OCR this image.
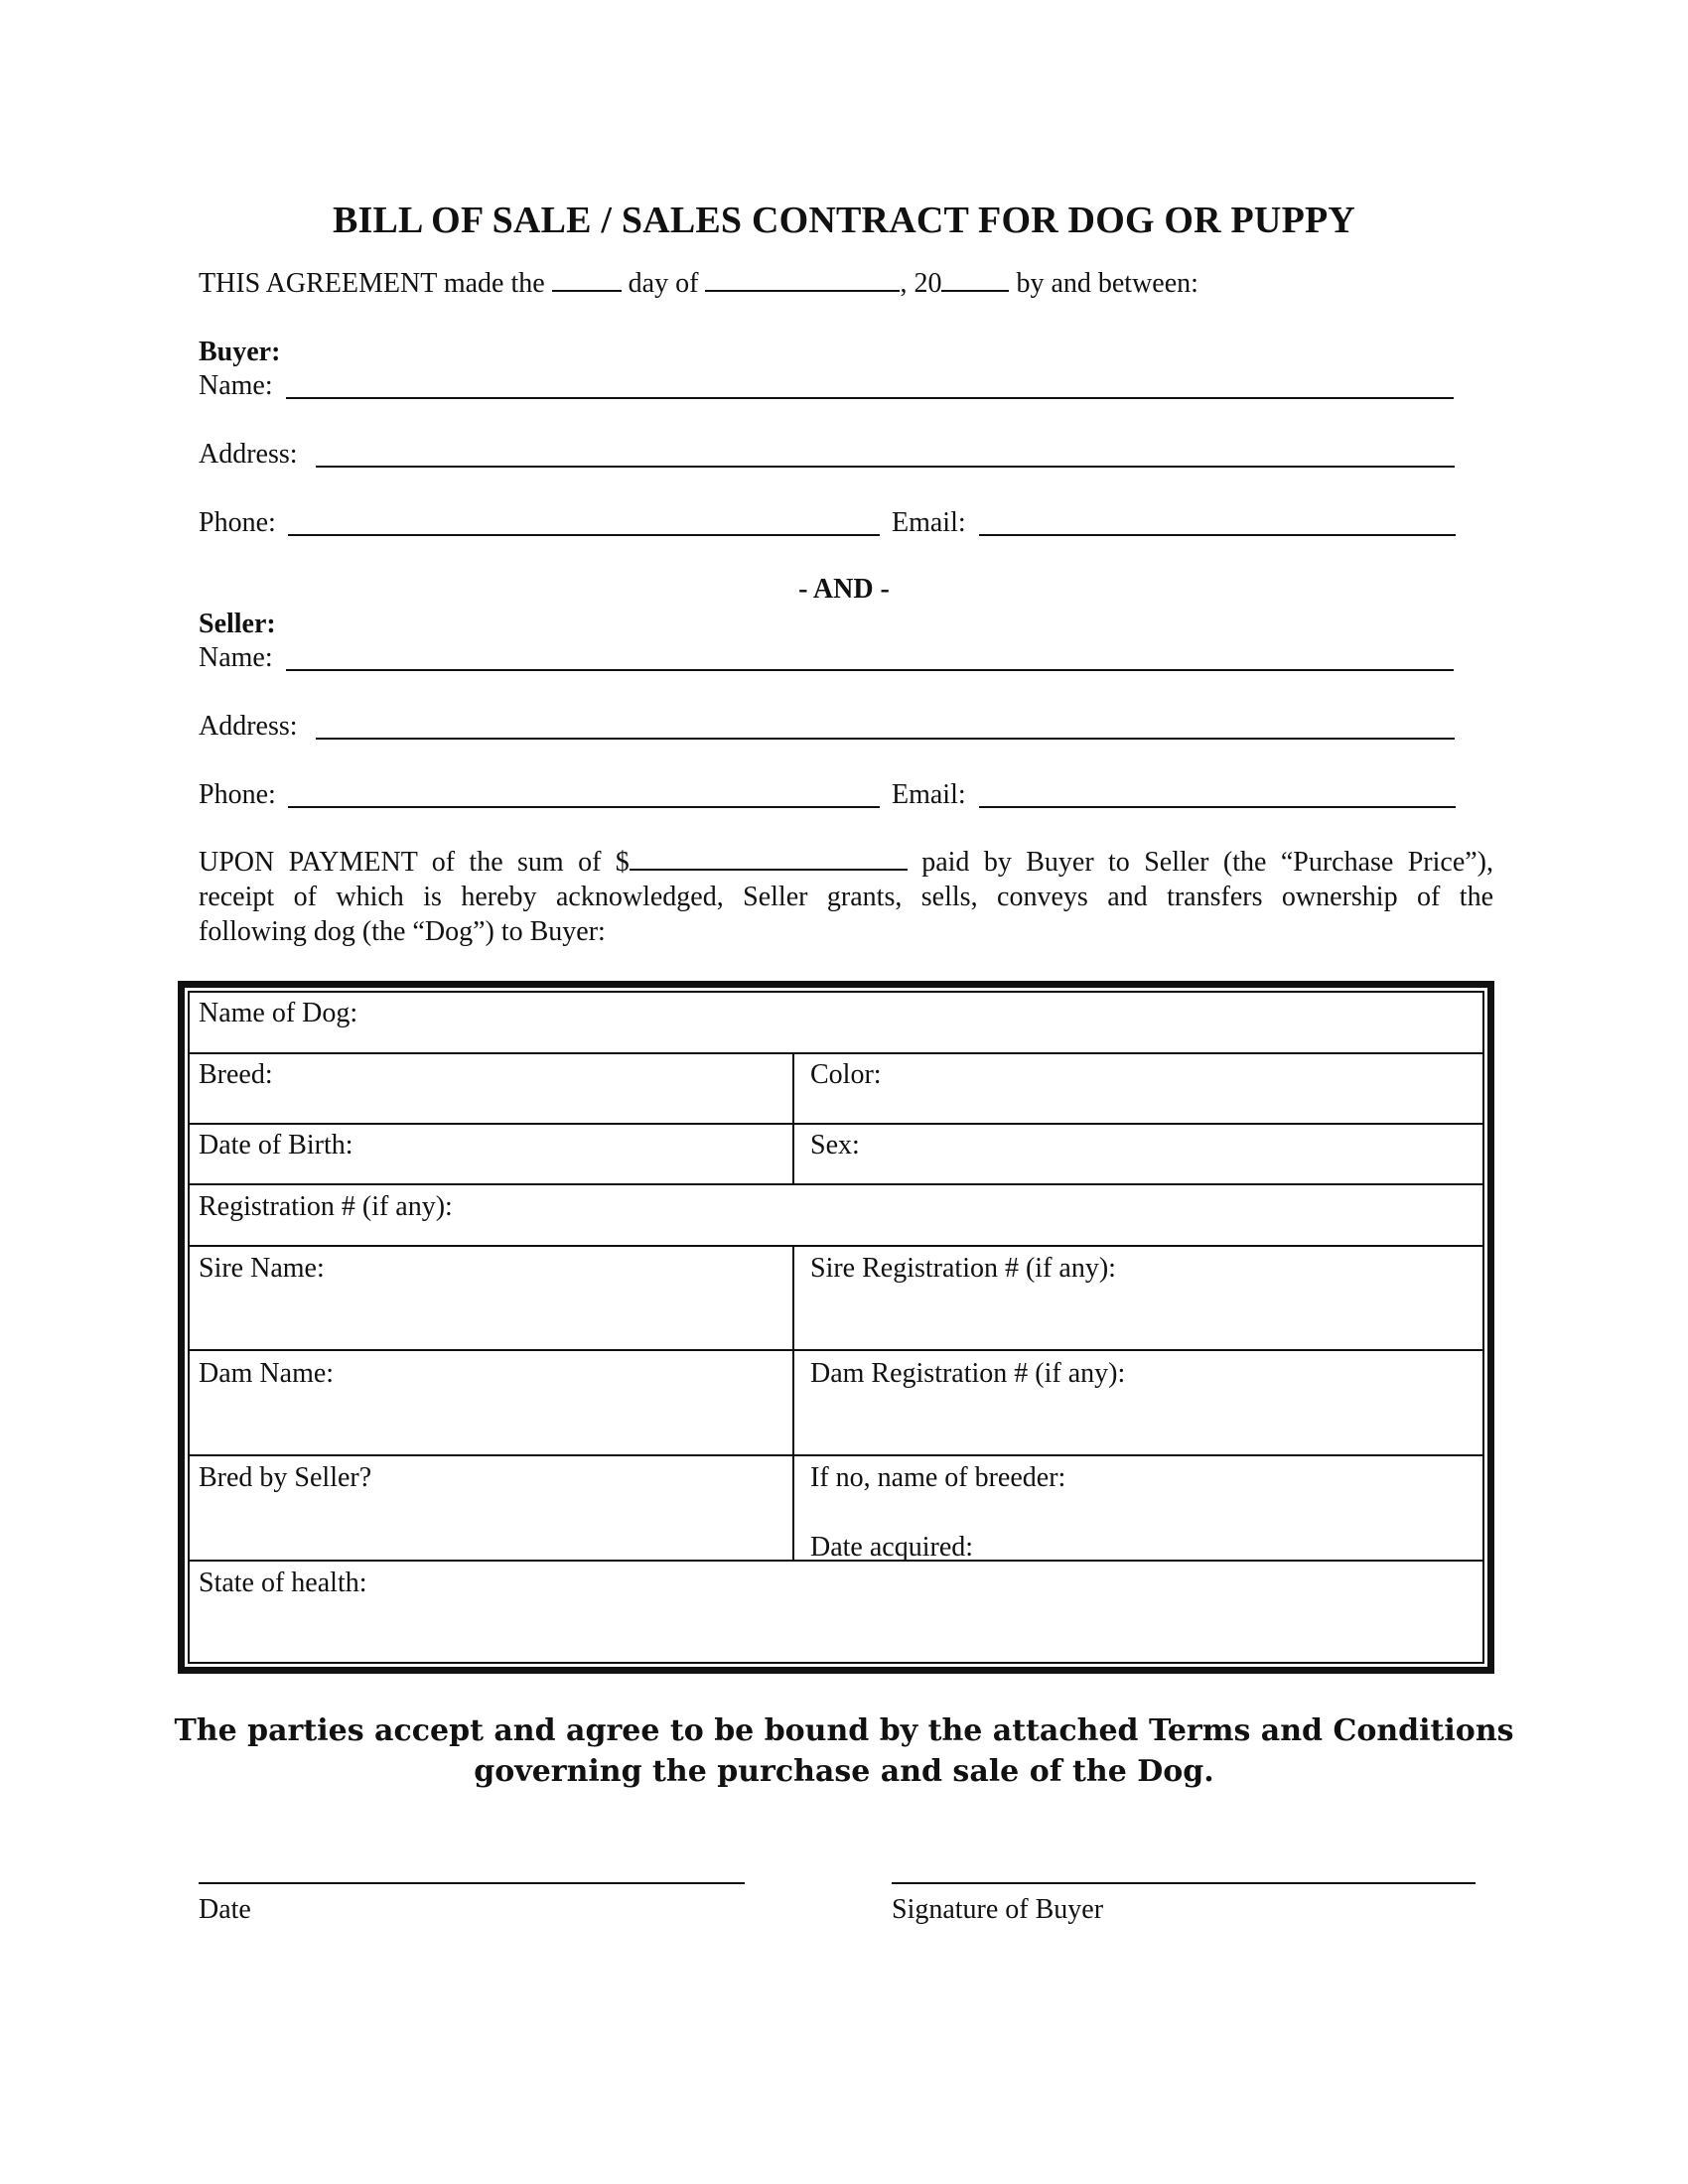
BILL OF SALE / SALES CONTRACT FOR DOG OR PUPPY
THIS AGREEMENT made the	day of	, 20	by and between:
Buyer:
Name:
Address:
Phone:	Email:
- AND -
Seller:
Name:
Address:
Phone:	Email:
UPON PAYMENT of the sum of $	paid by Buyer to Seller (the “Purchase Price”),
receipt of which is hereby acknowledged, Seller grants, sells, conveys and transfers ownership of the
following dog (the “Dog”) to Buyer:
Name of Dog:
Breed:	Color:
Date of Birth:	Sex:
Registration # (if any):
Sire Name:	Sire Registration # (if any):
Dam Name:	Dam Registration # (if any):
Bred by Seller?	If no, name of breeder:
Date acquired:
State of health:
The parties accept and agree to be bound by the attached Terms and Conditions
governing the purchase and sale of the Dog.
Date	Signature of Buyer
